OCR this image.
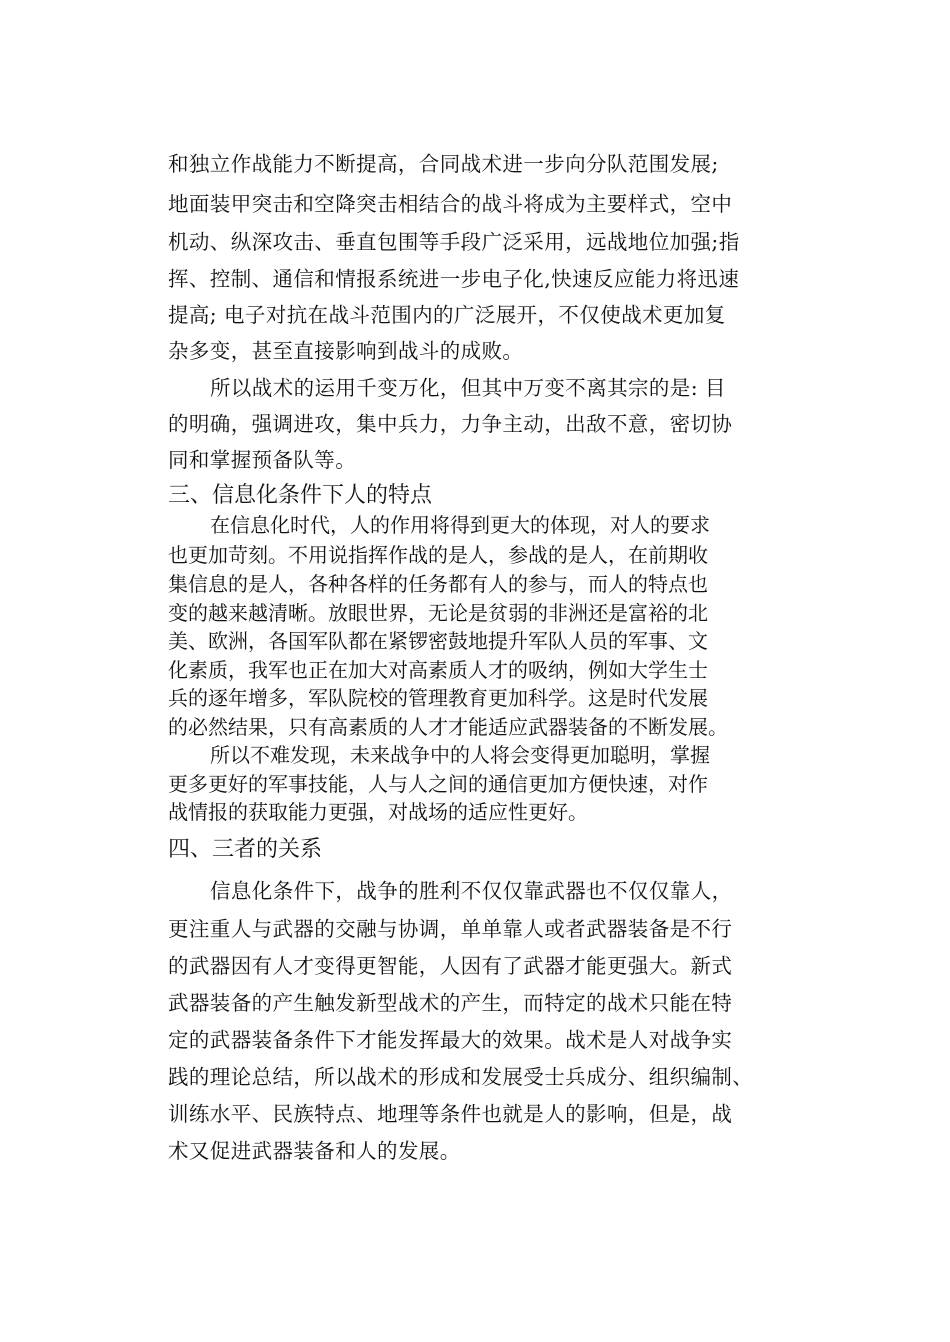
和独立作战能力不断提高，合同战术进一步向分队范围发展;
地面装甲突击和空降突击相结合的战斗将成为主要样式，空中
机动、纵深攻击、垂直包围等手段广泛采用，远战地位加强;指
挥、控制、通信和情报系统进一步电子化,快速反应能力将迅速
提高; 电子对抗在战斗范围内的广泛展开，不仅使战术更加复
杂多变，甚至直接影响到战斗的成败。
所以战术的运用千变万化，但其中万变不离其宗的是: 目
的明确，强调进攻，集中兵力，力争主动，出敌不意，密切协
同和掌握预备队等。
三、信息化条件下人的特点
在信息化时代，人的作用将得到更大的体现，对人的要求
也更加苛刻。不用说指挥作战的是人，参战的是人，在前期收
集信息的是人，各种各样的任务都有人的参与，而人的特点也
变的越来越清晰。放眼世界，无论是贫弱的非洲还是富裕的北
美、欧洲，各国军队都在紧锣密鼓地提升军队人员的军事、文
化素质，我军也正在加大对高素质人才的吸纳，例如大学生士
兵的逐年增多，军队院校的管理教育更加科学。这是时代发展
的必然结果，只有高素质的人才才能适应武器装备的不断发展。
所以不难发现，未来战争中的人将会变得更加聪明，掌握
更多更好的军事技能，人与人之间的通信更加方便快速，对作
战情报的获取能力更强，对战场的适应性更好。
四、三者的关系
信息化条件下，战争的胜利不仅仅靠武器也不仅仅靠人，
更注重人与武器的交融与协调，单单靠人或者武器装备是不行
的武器因有人才变得更智能，人因有了武器才能更强大。新式
武器装备的产生触发新型战术的产生，而特定的战术只能在特
定的武器装备条件下才能发挥最大的效果。战术是人对战争实
践的理论总结，所以战术的形成和发展受士兵成分、组织编制、
训练水平、民族特点、地理等条件也就是人的影响，但是，战
术又促进武器装备和人的发展。
